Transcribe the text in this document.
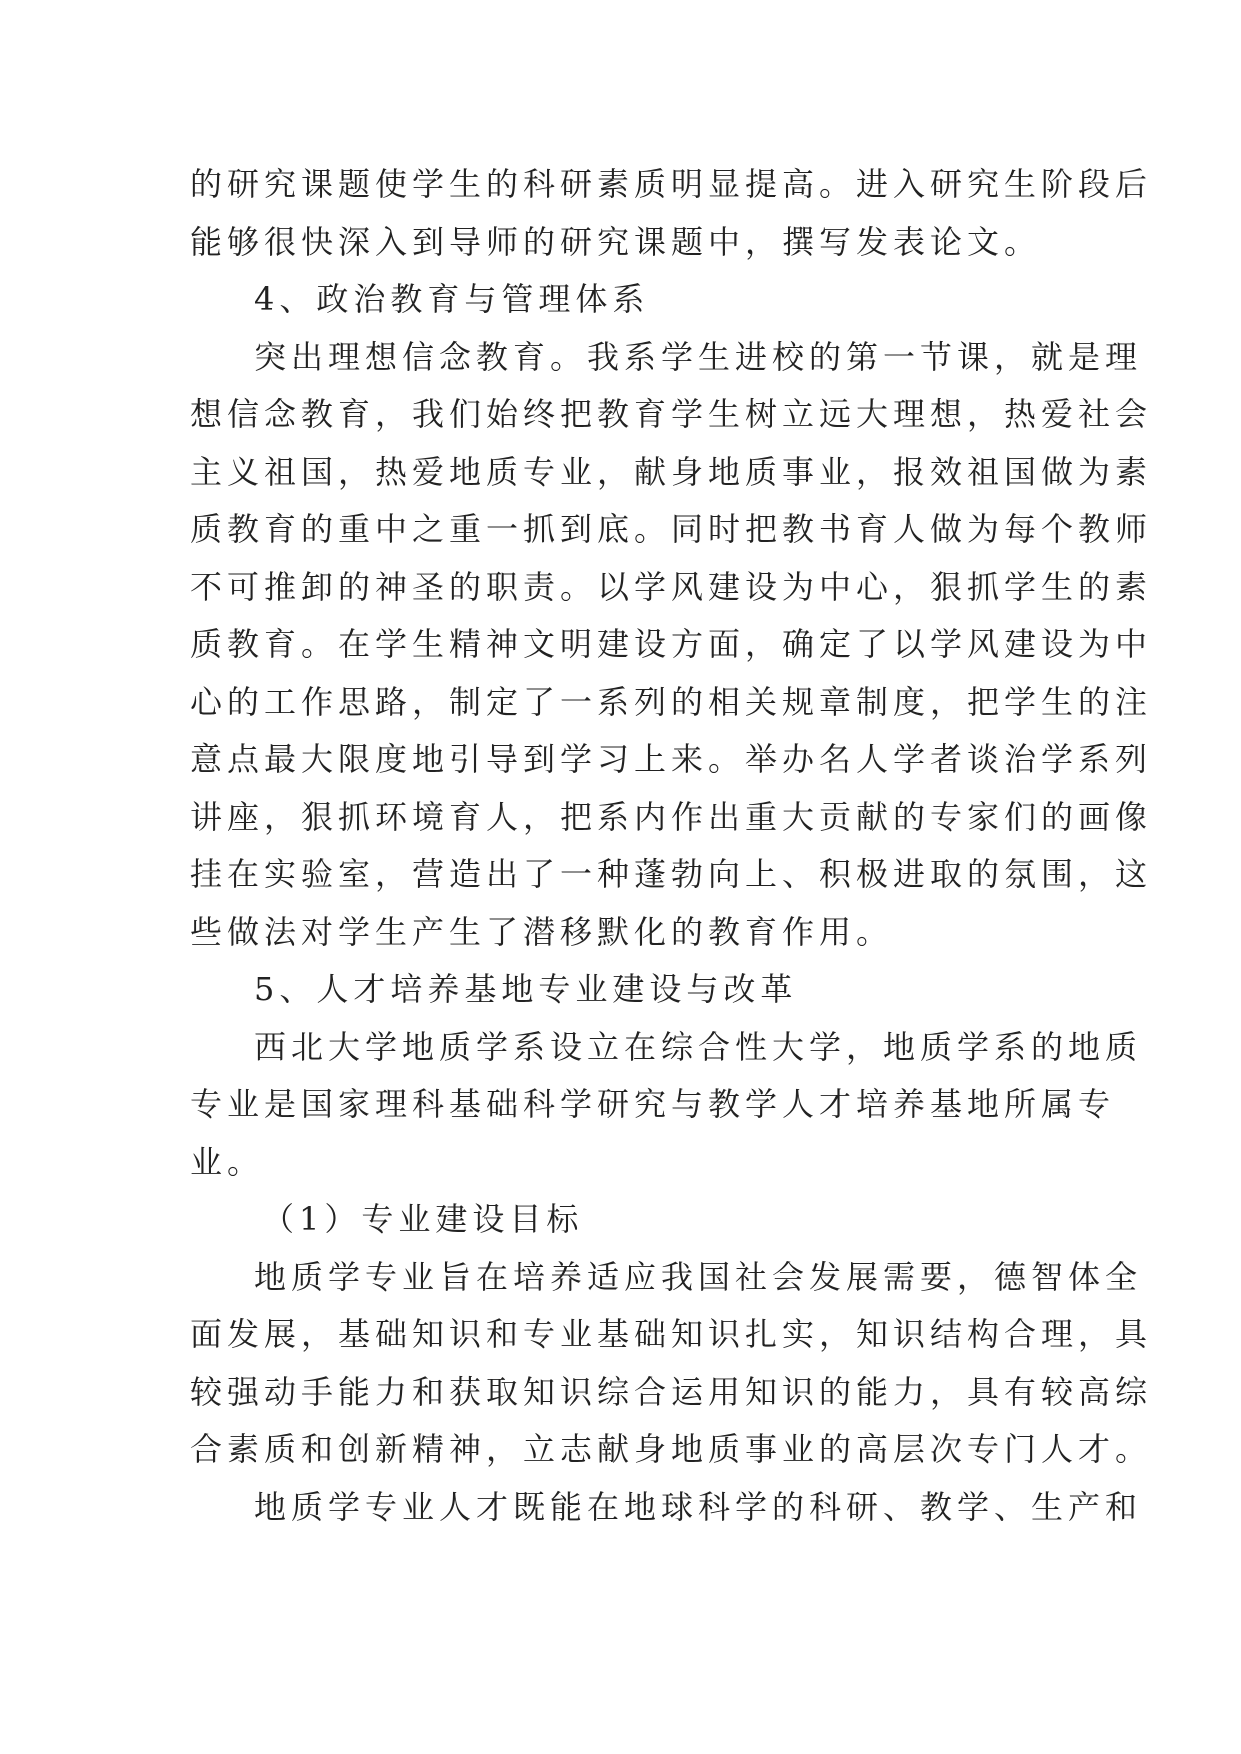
的研究课题使学生的科研素质明显提高。进入研究生阶段后
能够很快深入到导师的研究课题中，撰写发表论文。
4、政治教育与管理体系
突出理想信念教育。我系学生进校的第一节课，就是理
想信念教育，我们始终把教育学生树立远大理想，热爱社会
主义祖国，热爱地质专业，献身地质事业，报效祖国做为素
质教育的重中之重一抓到底。同时把教书育人做为每个教师
不可推卸的神圣的职责。以学风建设为中心，狠抓学生的素
质教育。在学生精神文明建设方面，确定了以学风建设为中
心的工作思路，制定了一系列的相关规章制度，把学生的注
意点最大限度地引导到学习上来。举办名人学者谈治学系列
讲座，狠抓环境育人，把系内作出重大贡献的专家们的画像
挂在实验室，营造出了一种蓬勃向上、积极进取的氛围，这
些做法对学生产生了潜移默化的教育作用。
5、人才培养基地专业建设与改革
西北大学地质学系设立在综合性大学，地质学系的地质
专业是国家理科基础科学研究与教学人才培养基地所属专
业。
（1）专业建设目标
地质学专业旨在培养适应我国社会发展需要，德智体全
面发展，基础知识和专业基础知识扎实，知识结构合理，具
较强动手能力和获取知识综合运用知识的能力，具有较高综
合素质和创新精神，立志献身地质事业的高层次专门人才。
地质学专业人才既能在地球科学的科研、教学、生产和
